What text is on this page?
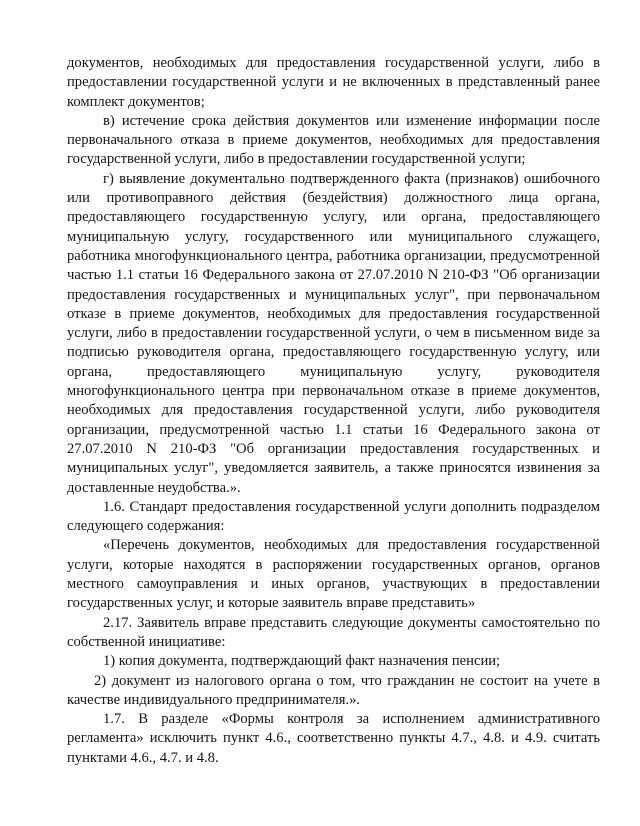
документов, необходимых для предоставления государственной услуги, либо в предоставлении государственной услуги и не включенных в представленный ранее комплект документов;

в) истечение срока действия документов или изменение информации после первоначального отказа в приеме документов, необходимых для предоставления государственной услуги, либо в предоставлении государственной услуги;

г) выявление документально подтвержденного факта (признаков) ошибочного или противоправного действия (бездействия) должностного лица органа, предоставляющего государственную услугу, или органа, предоставляющего муниципальную услугу, государственного или муниципального служащего, работника многофункционального центра, работника организации, предусмотренной частью 1.1 статьи 16 Федерального закона от 27.07.2010 N 210-ФЗ "Об организации предоставления государственных и муниципальных услуг", при первоначальном отказе в приеме документов, необходимых для предоставления государственной услуги, либо в предоставлении государственной услуги, о чем в письменном виде за подписью руководителя органа, предоставляющего государственную услугу, или органа, предоставляющего муниципальную услугу, руководителя многофункционального центра при первоначальном отказе в приеме документов, необходимых для предоставления государственной услуги, либо руководителя организации, предусмотренной частью 1.1 статьи 16 Федерального закона от 27.07.2010 N 210-ФЗ "Об организации предоставления государственных и муниципальных услуг", уведомляется заявитель, а также приносятся извинения за доставленные неудобства.».

1.6. Стандарт предоставления государственной услуги дополнить подразделом следующего содержания:

«Перечень документов, необходимых для предоставления государственной услуги, которые находятся в распоряжении государственных органов, органов местного самоуправления и иных органов, участвующих в предоставлении государственных услуг, и которые заявитель вправе представить»

2.17. Заявитель вправе представить следующие документы самостоятельно по собственной инициативе:

1) копия документа, подтверждающий факт назначения пенсии;

2) документ из налогового органа о том, что гражданин не состоит на учете в качестве индивидуального предпринимателя.».

1.7. В разделе «Формы контроля за исполнением административного регламента» исключить пункт 4.6., соответственно пункты 4.7., 4.8. и 4.9. считать пунктами 4.6., 4.7. и 4.8.
